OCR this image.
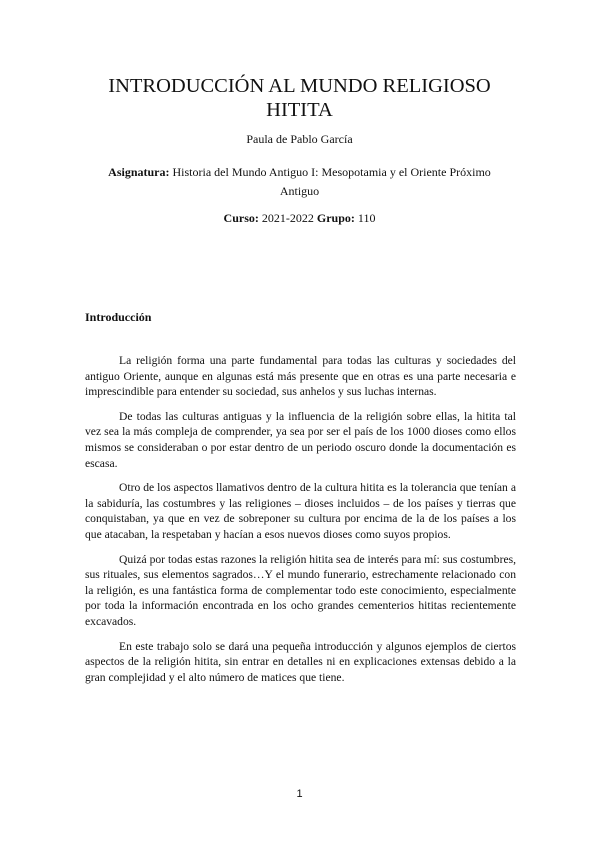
INTRODUCCIÓN AL MUNDO RELIGIOSO
HITITA

Paula de Pablo García

Asignatura: Historia del Mundo Antiguo I: Mesopotamia y el Oriente Próximo Antiguo

Curso: 2021-2022 Grupo: 110

Introducción

La religión forma una parte fundamental para todas las culturas y sociedades del antiguo Oriente, aunque en algunas está más presente que en otras es una parte necesaria e imprescindible para entender su sociedad, sus anhelos y sus luchas internas.

De todas las culturas antiguas y la influencia de la religión sobre ellas, la hitita tal vez sea la más compleja de comprender, ya sea por ser el país de los 1000 dioses como ellos mismos se consideraban o por estar dentro de un periodo oscuro donde la documentación es escasa.

Otro de los aspectos llamativos dentro de la cultura hitita es la tolerancia que tenían a la sabiduría, las costumbres y las religiones – dioses incluidos – de los países y tierras que conquistaban, ya que en vez de sobreponer su cultura por encima de la de los países a los que atacaban, la respetaban y hacían a esos nuevos dioses como suyos propios.

Quizá por todas estas razones la religión hitita sea de interés para mí: sus costumbres, sus rituales, sus elementos sagrados…Y el mundo funerario, estrechamente relacionado con la religión, es una fantástica forma de complementar todo este conocimiento, especialmente por toda la información encontrada en los ocho grandes cementerios hititas recientemente excavados.

En este trabajo solo se dará una pequeña introducción y algunos ejemplos de ciertos aspectos de la religión hitita, sin entrar en detalles ni en explicaciones extensas debido a la gran complejidad y el alto número de matices que tiene.

1
